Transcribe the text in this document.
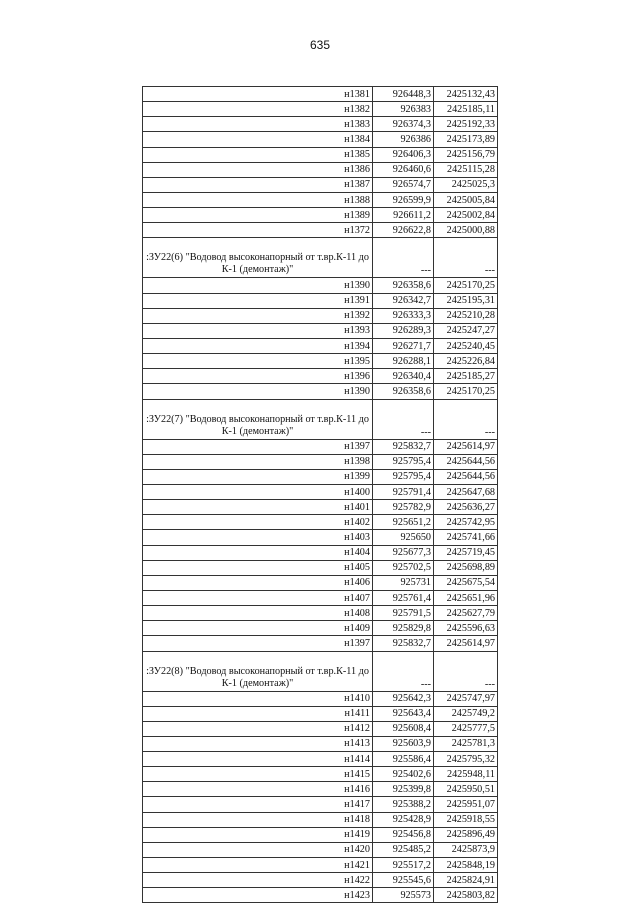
635
н1381	926448,3	2425132,43
н1382	926383	2425185,11
н1383	926374,3	2425192,33
н1384	926386	2425173,89
н1385	926406,3	2425156,79
н1386	926460,6	2425115,28
н1387	926574,7	2425025,3
н1388	926599,9	2425005,84
н1389	926611,2	2425002,84
н1372	926622,8	2425000,88
:ЗУ22(6) "Водовод высоконапорный от т.вр.К-11 до К-1 (демонтаж)"	---	---
н1390	926358,6	2425170,25
н1391	926342,7	2425195,31
н1392	926333,3	2425210,28
н1393	926289,3	2425247,27
н1394	926271,7	2425240,45
н1395	926288,1	2425226,84
н1396	926340,4	2425185,27
н1390	926358,6	2425170,25
:ЗУ22(7) "Водовод высоконапорный от т.вр.К-11 до К-1 (демонтаж)"	---	---
н1397	925832,7	2425614,97
н1398	925795,4	2425644,56
н1399	925795,4	2425644,56
н1400	925791,4	2425647,68
н1401	925782,9	2425636,27
н1402	925651,2	2425742,95
н1403	925650	2425741,66
н1404	925677,3	2425719,45
н1405	925702,5	2425698,89
н1406	925731	2425675,54
н1407	925761,4	2425651,96
н1408	925791,5	2425627,79
н1409	925829,8	2425596,63
н1397	925832,7	2425614,97
:ЗУ22(8) "Водовод высоконапорный от т.вр.К-11 до К-1 (демонтаж)"	---	---
н1410	925642,3	2425747,97
н1411	925643,4	2425749,2
н1412	925608,4	2425777,5
н1413	925603,9	2425781,3
н1414	925586,4	2425795,32
н1415	925402,6	2425948,11
н1416	925399,8	2425950,51
н1417	925388,2	2425951,07
н1418	925428,9	2425918,55
н1419	925456,8	2425896,49
н1420	925485,2	2425873,9
н1421	925517,2	2425848,19
н1422	925545,6	2425824,91
н1423	925573	2425803,82
